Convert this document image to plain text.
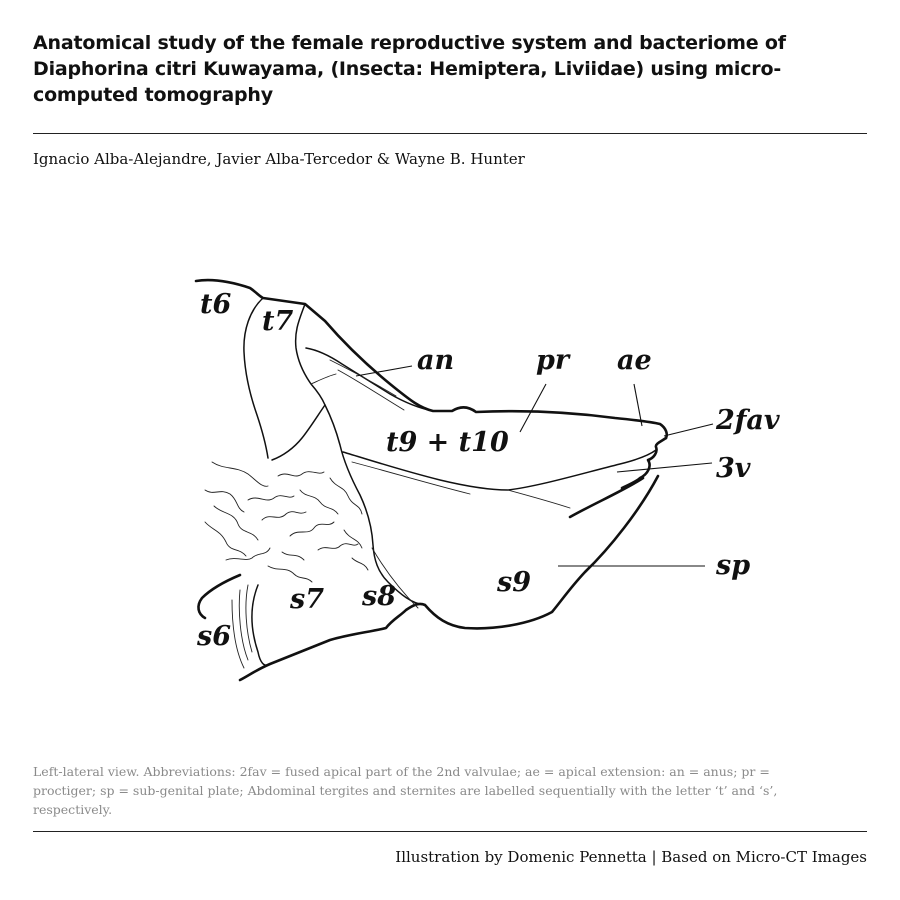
Anatomical study of the female reproductive system and bacteriome of Diaphorina citri Kuwayama, (Insecta: Hemiptera, Liviidae) using micro-computed tomography
Ignacio Alba-Alejandre, Javier Alba-Tercedor & Wayne B. Hunter
t6
t7
an	pr ae
2fav
t9 + t10
3v
s7 s8	s9
sp
s6
Left-lateral view. Abbreviations: 2fav = fused apical part of the 2nd valvulae; ae = apical extension: an = anus; pr = proctiger; sp = sub-genital plate; Abdominal tergites and sternites are labelled sequentially with the letter ‘t’ and ‘s’, respectively.
Illustration by Domenic Pennetta | Based on Micro-CT Images
